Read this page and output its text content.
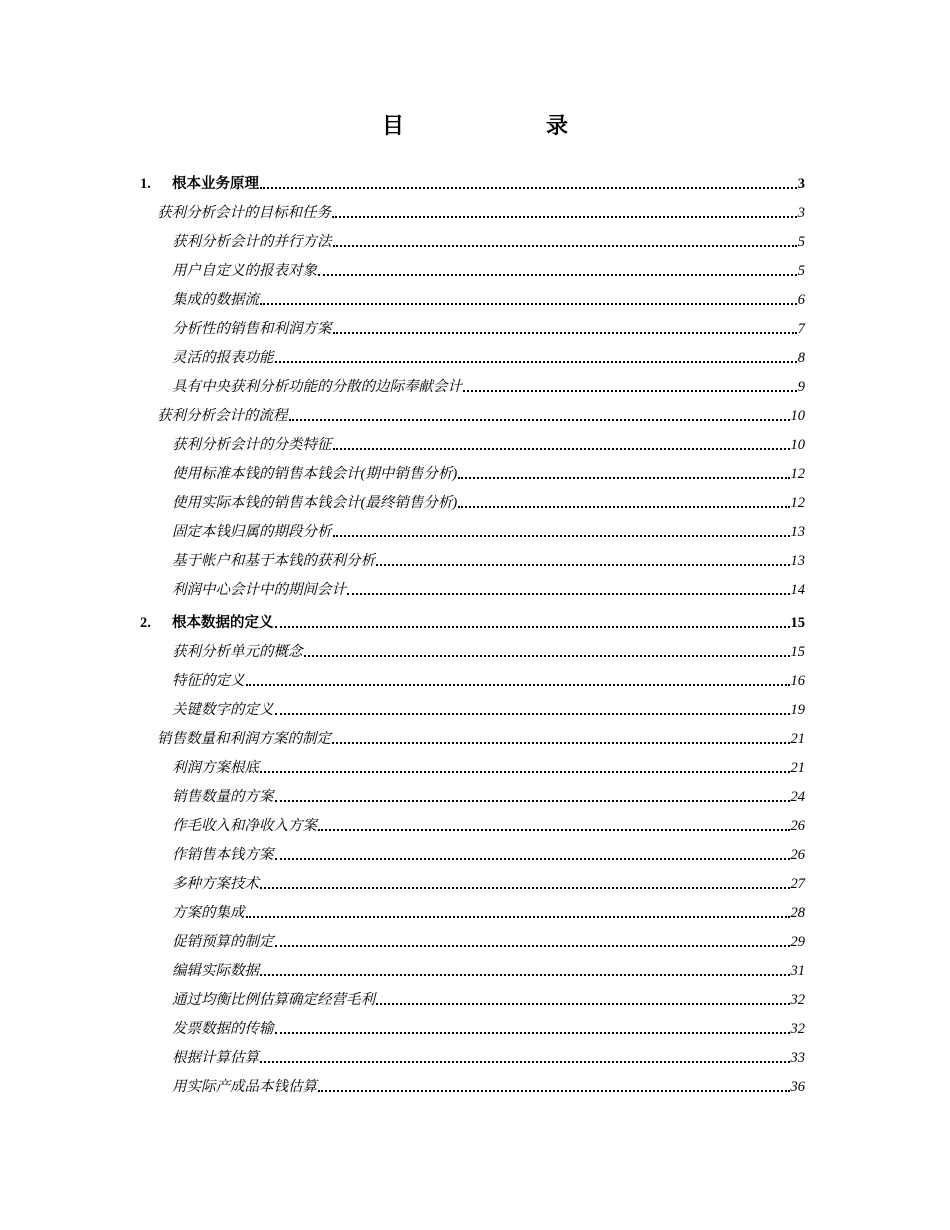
目　录
1.	根本业务原理	3
获利分析会计的目标和任务	3
获利分析会计的并行方法	5
用户自定义的报表对象	5
集成的数据流	6
分析性的销售和利润方案	7
灵活的报表功能	8
具有中央获利分析功能的分散的边际奉献会计	9
获利分析会计的流程	10
获利分析会计的分类特征	10
使用标准本钱的销售本钱会计(期中销售分析)	12
使用实际本钱的销售本钱会计(最终销售分析)	12
固定本钱归属的期段分析	13
基于帐户和基于本钱的获利分析	13
利润中心会计中的期间会计	14
2.	根本数据的定义	15
获利分析单元的概念	15
特征的定义	16
关键数字的定义	19
销售数量和利润方案的制定	21
利润方案根底	21
销售数量的方案	24
作毛收入和净收入方案	26
作销售本钱方案	26
多种方案技术	27
方案的集成	28
促销预算的制定	29
编辑实际数据	31
通过均衡比例估算确定经营毛利	32
发票数据的传输	32
根据计算估算	33
用实际产成品本钱估算	36
